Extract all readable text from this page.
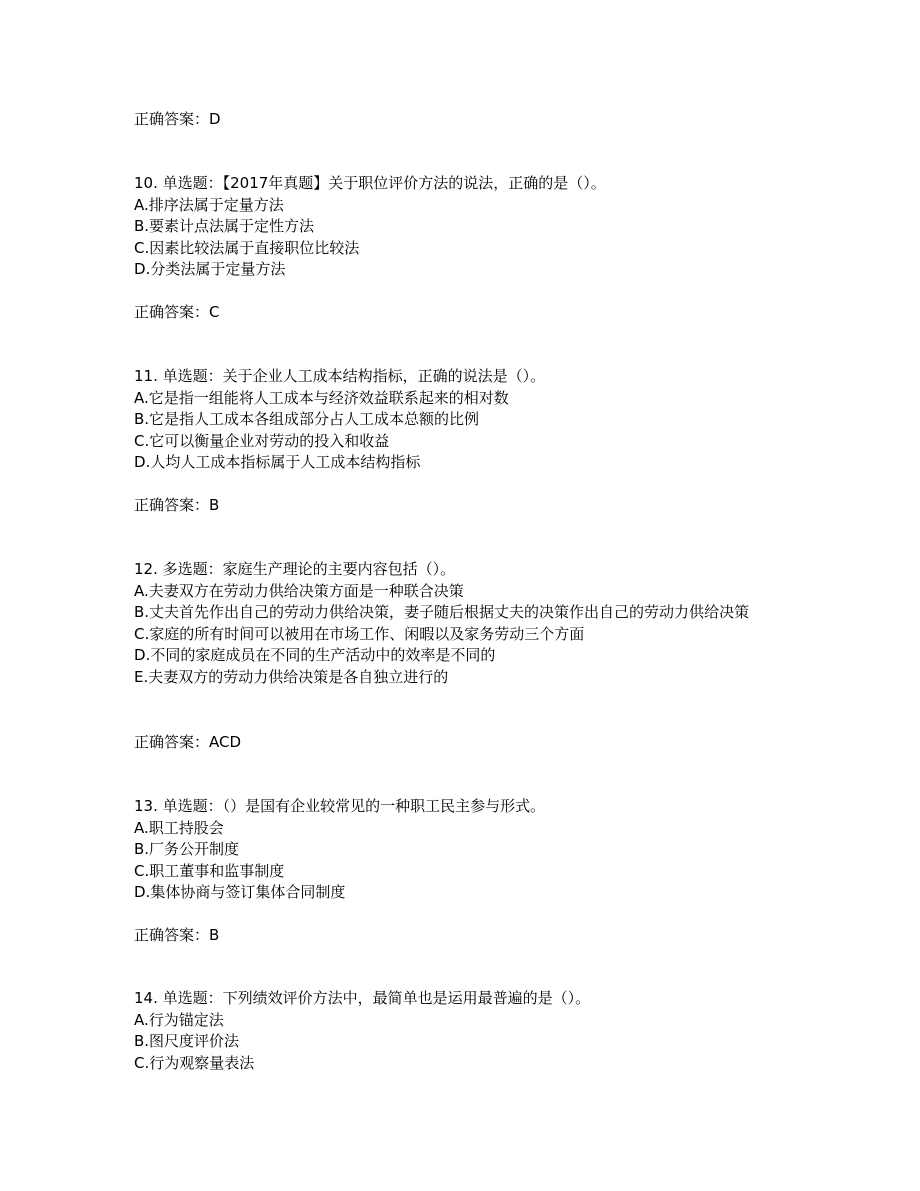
正确答案：D
10. 单选题：【2017年真题】关于职位评价方法的说法，正确的是（）。
A.排序法属于定量方法
B.要素计点法属于定性方法
C.因素比较法属于直接职位比较法
D.分类法属于定量方法
正确答案：C
11. 单选题：关于企业人工成本结构指标，正确的说法是（）。
A.它是指一组能将人工成本与经济效益联系起来的相对数
B.它是指人工成本各组成部分占人工成本总额的比例
C.它可以衡量企业对劳动的投入和收益
D.人均人工成本指标属于人工成本结构指标
正确答案：B
12. 多选题：家庭生产理论的主要内容包括（）。
A.夫妻双方在劳动力供给决策方面是一种联合决策
B.丈夫首先作出自己的劳动力供给决策，妻子随后根据丈夫的决策作出自己的劳动力供给决策
C.家庭的所有时间可以被用在市场工作、闲暇以及家务劳动三个方面
D.不同的家庭成员在不同的生产活动中的效率是不同的
E.夫妻双方的劳动力供给决策是各自独立进行的
正确答案：ACD
13. 单选题：（）是国有企业较常见的一种职工民主参与形式。
A.职工持股会
B.厂务公开制度
C.职工董事和监事制度
D.集体协商与签订集体合同制度
正确答案：B
14. 单选题：下列绩效评价方法中，最简单也是运用最普遍的是（）。
A.行为锚定法
B.图尺度评价法
C.行为观察量表法
